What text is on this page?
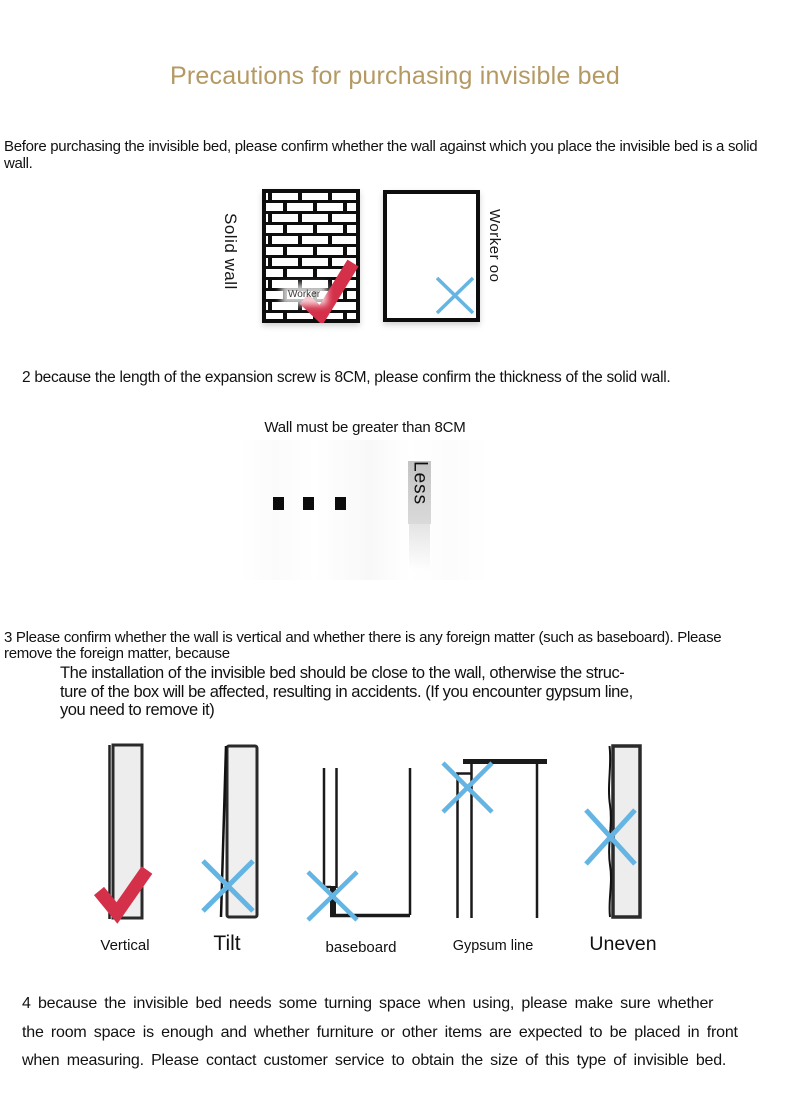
Precautions for purchasing invisible bed
Before purchasing the invisible bed, please confirm whether the wall against which you place the invisible bed is a solid
wall.
Solid wall
Worker
Worker oo
2 because the length of the expansion screw is 8CM, please confirm the thickness of the solid wall.
Wall must be greater than 8CM
Less
3 Please confirm whether the wall is vertical and whether there is any foreign matter (such as baseboard). Please
remove the foreign matter, because
The installation of the invisible bed should be close to the wall, otherwise the struc-
ture of the box will be affected, resulting in accidents. (If you encounter gypsum line,
you need to remove it)
Vertical	Tilt	baseboard	Gypsum line	Uneven
4 because the invisible bed needs some turning space when using, please make sure whether
the room space is enough and whether furniture or other items are expected to be placed in front
when measuring. Please contact customer service to obtain the size of this type of invisible bed.
